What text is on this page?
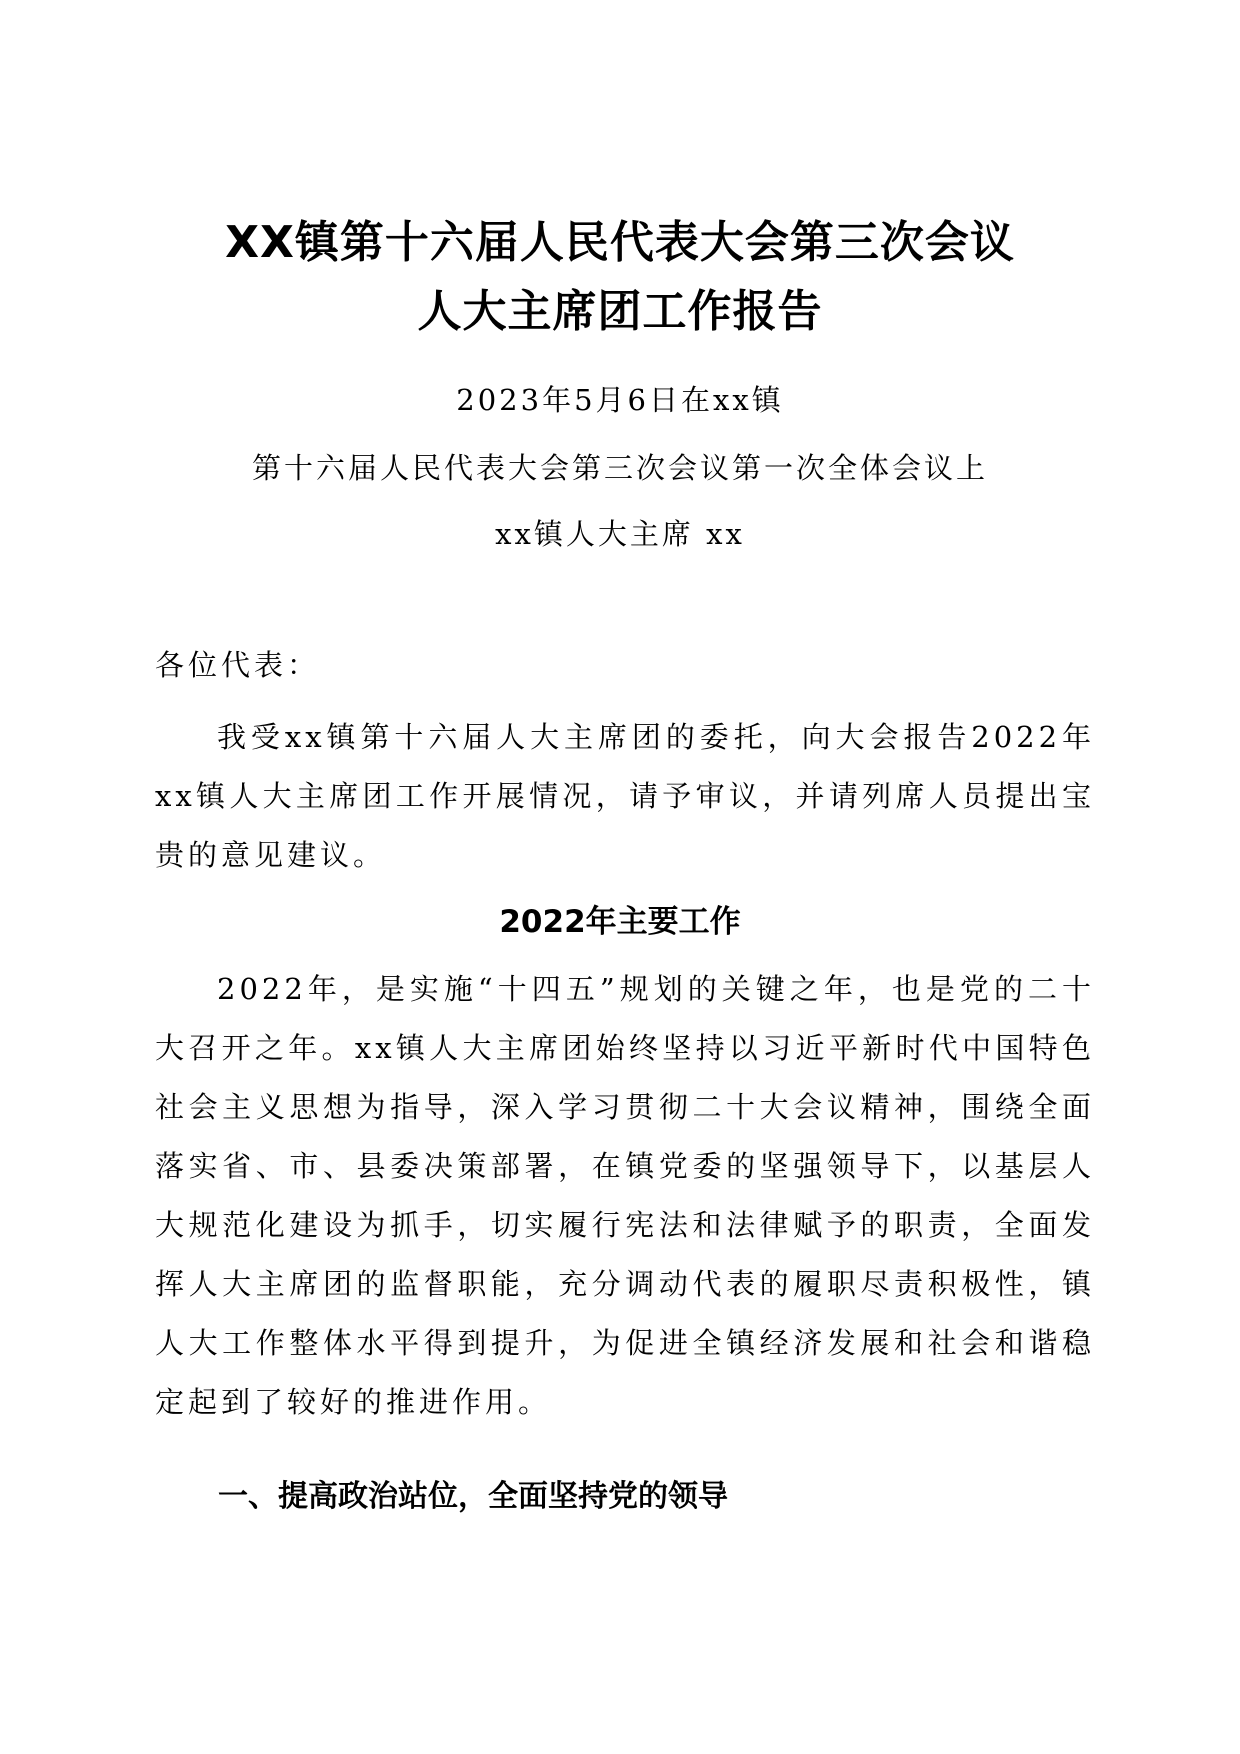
XX镇第十六届人民代表大会第三次会议
人大主席团工作报告
2023年5月6日在xx镇
第十六届人民代表大会第三次会议第一次全体会议上
xx镇人大主席 xx
各位代表：

我受xx镇第十六届人大主席团的委托，向大会报告2022年xx镇人大主席团工作开展情况，请予审议，并请列席人员提出宝贵的意见建议。

2022年主要工作

2022年，是实施“十四五”规划的关键之年，也是党的二十大召开之年。xx镇人大主席团始终坚持以习近平新时代中国特色社会主义思想为指导，深入学习贯彻二十大会议精神，围绕全面落实省、市、县委决策部署，在镇党委的坚强领导下，以基层人大规范化建设为抓手，切实履行宪法和法律赋予的职责，全面发挥人大主席团的监督职能，充分调动代表的履职尽责积极性，镇人大工作整体水平得到提升，为促进全镇经济发展和社会和谐稳定起到了较好的推进作用。

一、提高政治站位，全面坚持党的领导
